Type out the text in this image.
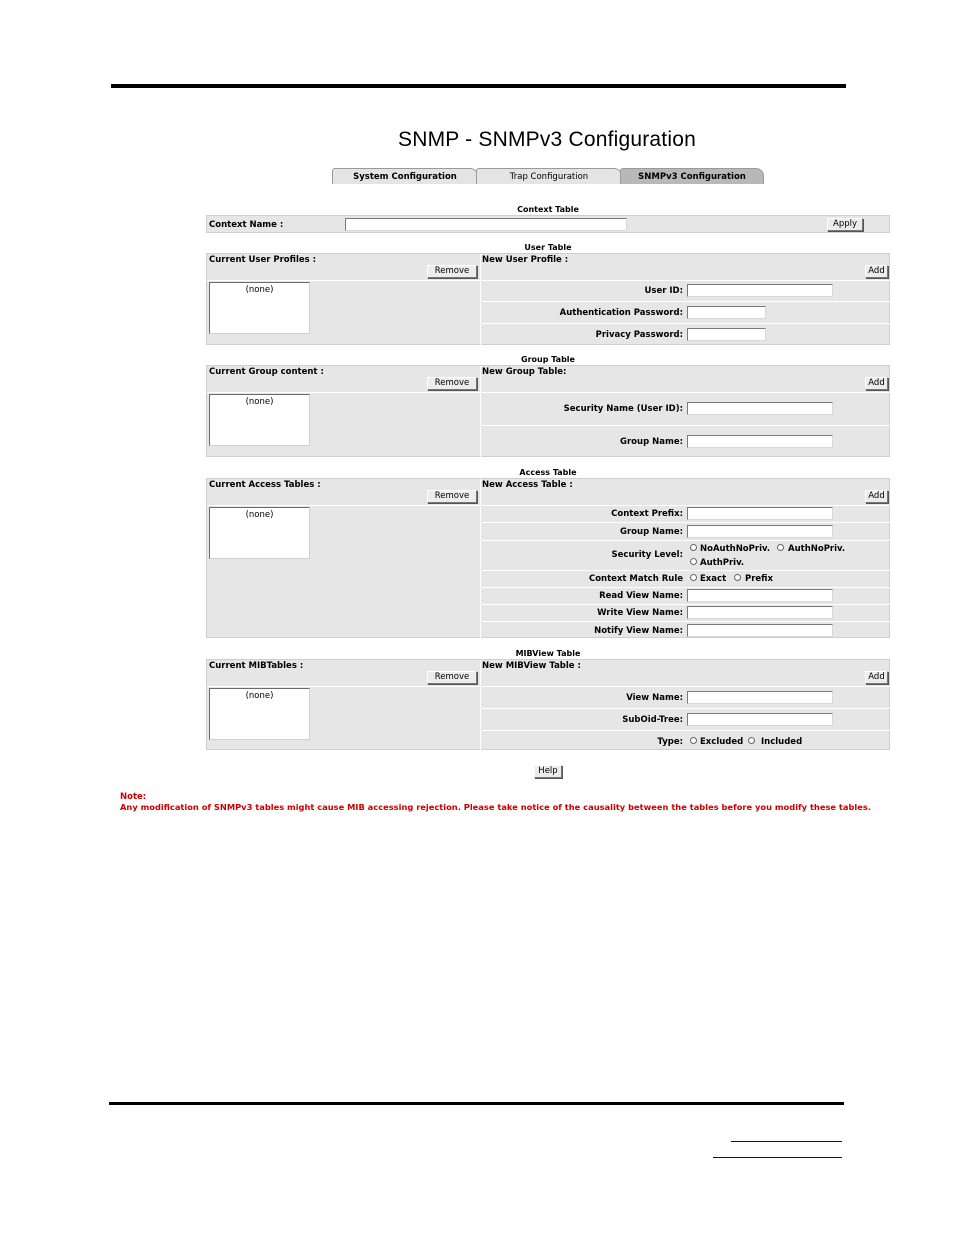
SNMP - SNMPv3 Configuration
System Configuration	Trap Configuration	SNMPv3 Configuration
Context Table
Context Name :	Apply
User Table
Current User Profiles :
Remove
(none)
New User Profile :
Add
User ID:
Authentication Password:
Privacy Password:
Group Table
Current Group content :
Remove
(none)
New Group Table:
Add
Security Name (User ID):
Group Name:
Access Table
Current Access Tables :
Remove
(none)
New Access Table :
Add
Context Prefix:
Group Name:
Security Level:
NoAuthNoPriv. AuthNoPriv.
AuthPriv.
Context Match Rule Exact Prefix
Read View Name:
Write View Name:
Notify View Name:
MIBView Table
Current MIBTables :
Remove
(none)
New MIBView Table :
Add
View Name:
SubOid-Tree:
Type: Excluded Included
Help
Note:
Any modification of SNMPv3 tables might cause MIB accessing rejection. Please take notice of the causality between the tables before you modify these tables.
